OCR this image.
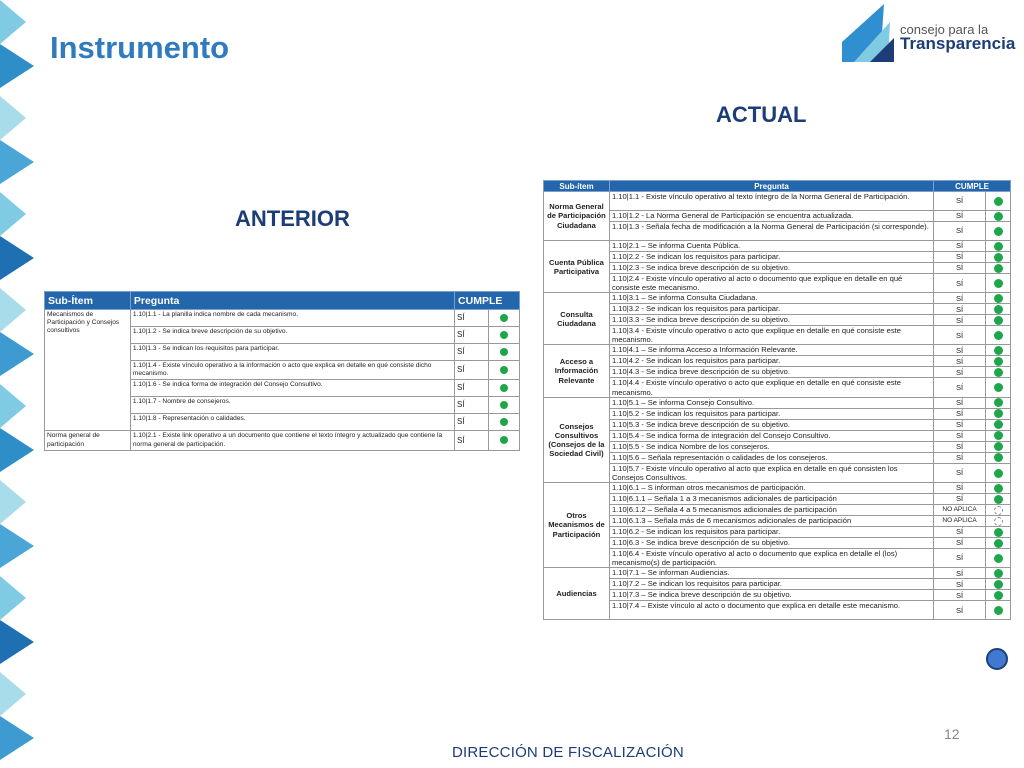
Instrumento
consejo para la
Transparencia
ACTUAL
ANTERIOR
Sub-Ítem	Pregunta	CUMPLE	
Mecanismos de Participación y Consejos consultivos	1.10|1.1 - La planilla indica nombre de cada mecanismo.	SÍ	
	1.10|1.2 - Se indica breve descripción de su objetivo.	SÍ	
	1.10|1.3 - Se indican los requisitos para participar.	SÍ	
	1.10|1.4 - Existe vínculo operativo a la información o acto que explica en detalle en qué consiste dicho mecanismo.	SÍ	
	1.10|1.6 - Se indica forma de integración del Consejo Consultivo.	SÍ	
	1.10|1.7 - Nombre de consejeros.	SÍ	
	1.10|1.8 - Representación o calidades.	SÍ	
Norma general de participación	1.10|2.1 - Existe link operativo a un documento que contiene el texto íntegro y actualizado que contiene la norma general de participación.	SÍ	
Sub-ítem	Pregunta	CUMPLE	
Norma General de Participación Ciudadana	1.10|1.1 - Existe vínculo operativo al texto íntegro de la Norma General de Participación.	SÍ	
	1.10|1.2 - La Norma General de Participación se encuentra actualizada.	SÍ	
	1.10|1.3 - Señala fecha de modificación a la Norma General de Participación (si corresponde).	SÍ	
Cuenta Pública Participativa	1.10|2.1 – Se informa Cuenta Pública.	SÍ	
	1.10|2.2 - Se indican los requisitos para participar.	SÍ	
	1.10|2.3 - Se indica breve descripción de su objetivo.	SÍ	
	1.10|2.4 - Existe vínculo operativo al acto o documento que explique en detalle en qué consiste este mecanismo.	SÍ	
Consulta Ciudadana	1.10|3.1 – Se informa Consulta Ciudadana.	SÍ	
	1.10|3.2 - Se indican los requisitos para participar.	SÍ	
	1.10|3.3 - Se indica breve descripción de su objetivo.	SÍ	
	1.10|3.4 - Existe vínculo operativo o acto que explique en detalle en qué consiste este mecanismo.	SÍ	
Acceso a Información Relevante	1.10|4.1 – Se informa Acceso a Información Relevante.	SÍ	
	1.10|4.2 - Se indican los requisitos para participar.	SÍ	
	1.10|4.3 - Se indica breve descripción de su objetivo.	SÍ	
	1.10|4.4 - Existe vínculo operativo o acto que explique en detalle en qué consiste este mecanismo.	SÍ	
Consejos Consultivos (Consejos de la Sociedad Civil)	1.10|5.1 – Se informa Consejo Consultivo.	SÍ	
	1.10|5.2 - Se indican los requisitos para participar.	SÍ	
	1.10|5.3 - Se indica breve descripción de su objetivo.	SÍ	
	1.10|5.4 - Se indica forma de integración del Consejo Consultivo.	SÍ	
	1.10|5.5 - Se indica Nombre de los consejeros.	SÍ	
	1.10|5.6 – Señala representación o calidades de los consejeros.	SÍ	
	1.10|5.7 - Existe vínculo operativo al acto que explica en detalle en qué consisten los Consejos Consultivos.	SÍ	
Otros Mecanismos de Participación	1.10|6.1 – S informan otros mecanismos de participación.	SÍ	
	1.10|6.1.1 – Señala 1 a 3 mecanismos adicionales de participación	SÍ	
	1.10|6.1.2 – Señala 4 a 5 mecanismos adicionales de participación	NO APLICA	
	1.10|6.1.3 – Señala más de 6 mecanismos adicionales de participación	NO APLICA	
	1.10|6.2 - Se indican los requisitos para participar.	SÍ	
	1.10|6.3 - Se indica breve descripción de su objetivo.	SÍ	
	1.10|6.4 - Existe vínculo operativo al acto o documento que explica en detalle el (los) mecanismo(s) de participación.	SÍ	
Audiencias	1.10|7.1 – Se informan Audiencias.	SÍ	
	1.10|7.2 – Se indican los requisitos para participar.	SÍ	
	1.10|7.3 – Se indica breve descripción de su objetivo.	SÍ	
	1.10|7.4 – Existe vínculo al acto o documento que explica en detalle este mecanismo.	SÍ	
12
DIRECCIÓN DE FISCALIZACIÓN
